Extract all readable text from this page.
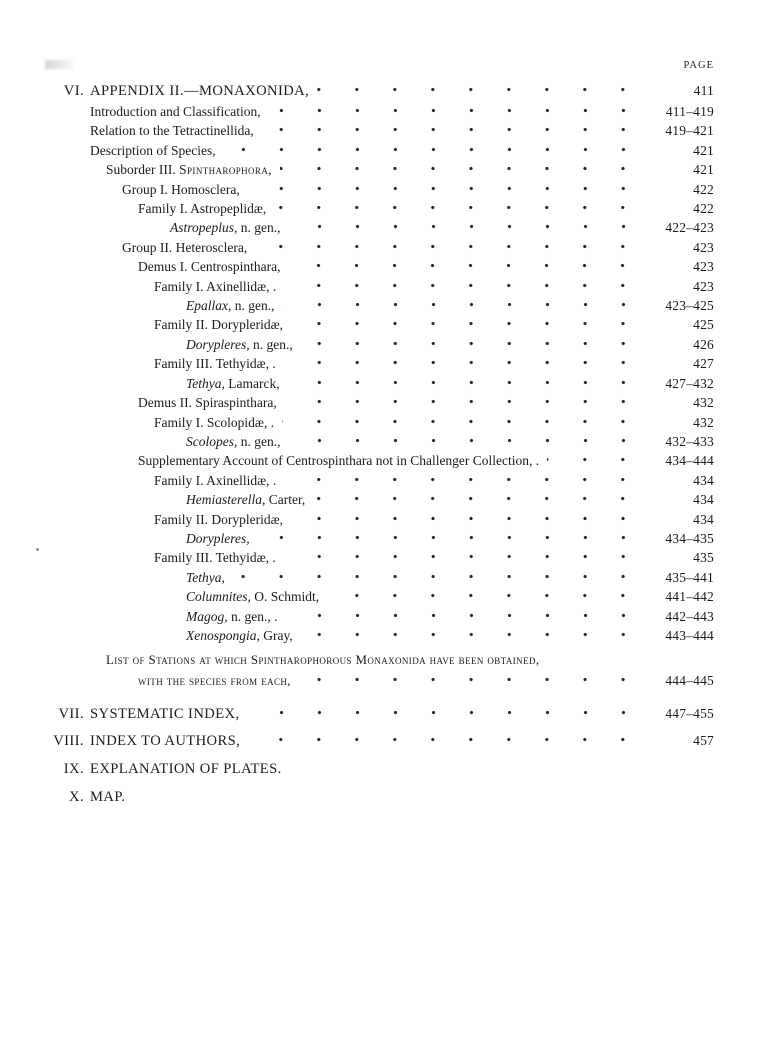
PAGE
VI. APPENDIX II.—MONAXONIDA,	411
Introduction and Classification,	411–419
Relation to the Tetractinellida,	419–421
Description of Species,	421
Suborder III. Spintharophora,	421
Group I. Homosclera,	422
Family I. Astropeplidæ,	422
Astropeplus, n. gen.,	422–423
Group II. Heterosclera,	423
Demus I. Centrospinthara,	423
Family I. Axinellidæ, .	423
Epallax, n. gen.,	423–425
Family II. Dorypleridæ,	425
Dorypleres, n. gen.,	426
Family III. Tethyidæ, .	427
Tethya, Lamarck,	427–432
Demus II. Spiraspinthara,	432
Family I. Scolopidæ, .	432
Scolopes, n. gen.,	432–433
Supplementary Account of Centrospinthara not in Challenger Collection, .	434–444
Family I. Axinellidæ, .	434
Hemiasterella, Carter,	434
Family II. Dorypleridæ,	434
Dorypleres,	434–435
Family III. Tethyidæ, .	435
Tethya,	435–441
Columnites, O. Schmidt,	441–442
Magog, n. gen., .	442–443
Xenospongia, Gray,	443–444
List of Stations at which Spintharophorous Monaxonida have been obtained,
with the species from each,	444–445
VII. SYSTEMATIC INDEX,	447–455
VIII. INDEX TO AUTHORS,	457
IX. EXPLANATION OF PLATES.
X. MAP.
